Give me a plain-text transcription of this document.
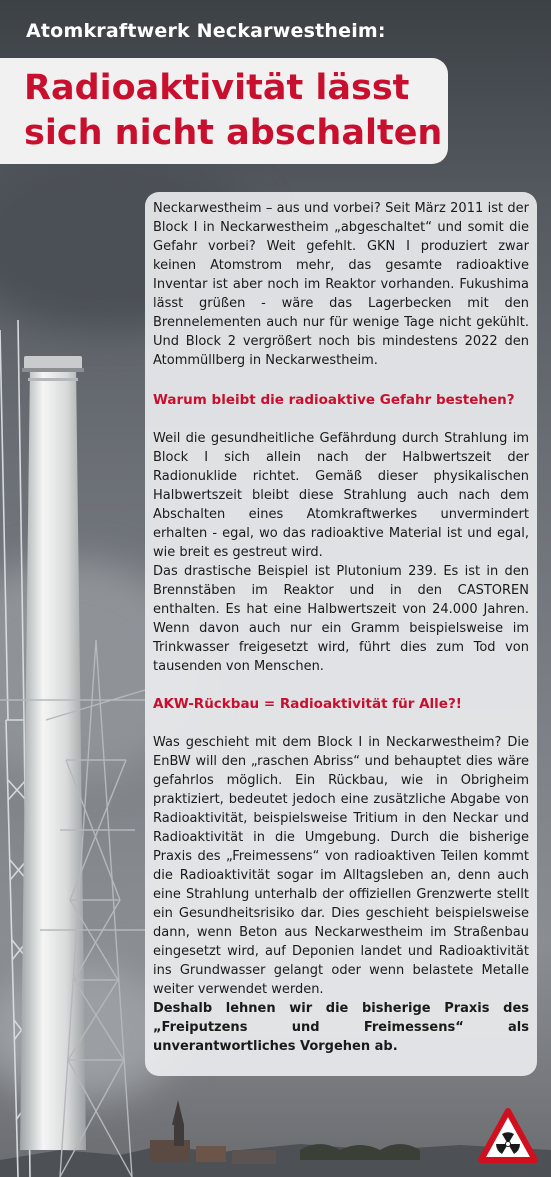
Atomkraftwerk Neckarwestheim:
Radioaktivität lässt sich nicht abschalten

Neckarwestheim – aus und vorbei? Seit März 2011 ist der Block I in Neckarwestheim „abgeschaltet“ und somit die Gefahr vorbei? Weit gefehlt. GKN I produziert zwar keinen Atomstrom mehr, das gesamte radioaktive Inventar ist aber noch im Reaktor vorhanden. Fukushima lässt grüßen - wäre das Lagerbecken mit den Brennelementen auch nur für wenige Tage nicht gekühlt. Und Block 2 vergrößert noch bis mindestens 2022 den Atommüllberg in Neckarwestheim.

Warum bleibt die radioaktive Gefahr bestehen?

Weil die gesundheitliche Gefährdung durch Strahlung im Block I sich allein nach der Halbwertszeit der Radionuklide richtet. Gemäß dieser physikalischen Halbwertszeit bleibt diese Strahlung auch nach dem Abschalten eines Atomkraftwerkes unvermindert erhalten - egal, wo das radioaktive Material ist und egal, wie breit es gestreut wird.

Das drastische Beispiel ist Plutonium 239. Es ist in den Brennstäben im Reaktor und in den CASTOREN enthalten. Es hat eine Halbwertszeit von 24.000 Jahren. Wenn davon auch nur ein Gramm beispielsweise im Trinkwasser freigesetzt wird, führt dies zum Tod von tausenden von Menschen.

AKW-Rückbau = Radioaktivität für Alle?!

Was geschieht mit dem Block I in Neckarwestheim? Die EnBW will den „raschen Abriss“ und behauptet dies wäre gefahrlos möglich. Ein Rückbau, wie in Obrigheim praktiziert, bedeutet jedoch eine zusätzliche Abgabe von Radioaktivität, beispielsweise Tritium in den Neckar und Radioaktivität in die Umgebung. Durch die bisherige Praxis des „Freimessens“ von radioaktiven Teilen kommt die Radioaktivität sogar im Alltagsleben an, denn auch eine Strahlung unterhalb der offiziellen Grenzwerte stellt ein Gesundheitsrisiko dar. Dies geschieht beispielsweise dann, wenn Beton aus Neckarwestheim im Straßenbau eingesetzt wird, auf Deponien landet und Radioaktivität ins Grundwasser gelangt oder wenn belastete Metalle weiter verwendet werden.

Deshalb lehnen wir die bisherige Praxis des „Freiputzens und Freimessens“ als unverantwortliches Vorgehen ab.
